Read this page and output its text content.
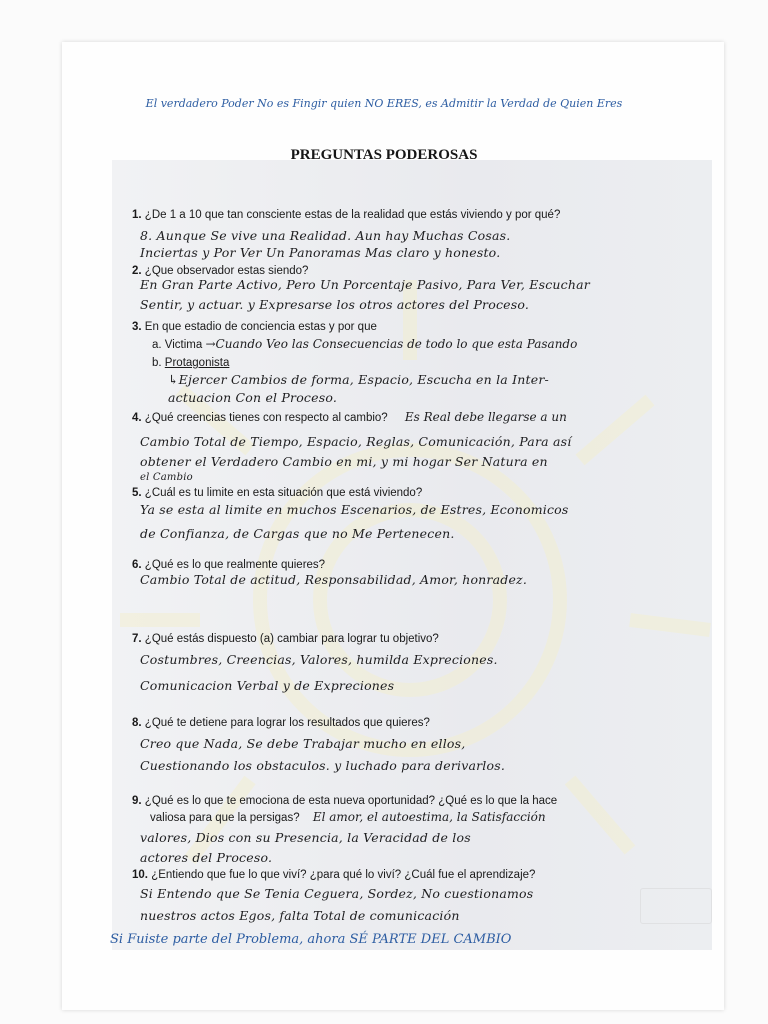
El verdadero Poder No es Fingir quien NO ERES, es Admitir la Verdad de Quien Eres
PREGUNTAS PODEROSAS
1. ¿De 1 a 10 que tan consciente estas de la realidad que estás viviendo y por qué?
8. Aunque Se vive una Realidad. Aun hay Muchas Cosas.
Inciertas y Por Ver Un Panoramas Mas claro y honesto.
2. ¿Que observador estas siendo?
En Gran Parte Activo, Pero Un Porcentaje Pasivo, Para Ver, Escuchar
Sentir, y actuar. y Expresarse los otros actores del Proceso.
3. En que estadio de conciencia estas y por que
a. Victima →Cuando Veo las Consecuencias de todo lo que esta Pasando
b. Protagonista
↳Ejercer Cambios de forma, Espacio, Escucha en la Inter-
actuacion Con el Proceso.
4. ¿Qué creencias tienes con respecto al cambio? Es Real debe llegarse a un
Cambio Total de Tiempo, Espacio, Reglas, Comunicación, Para así
obtener el Verdadero Cambio en mi, y mi hogar Ser Natura en
el Cambio
5. ¿Cuál es tu limite en esta situación que está viviendo?
Ya se esta al limite en muchos Escenarios, de Estres, Economicos
de Confianza, de Cargas que no Me Pertenecen.
6. ¿Qué es lo que realmente quieres?
Cambio Total de actitud, Responsabilidad, Amor, honradez.
7. ¿Qué estás dispuesto (a) cambiar para lograr tu objetivo?
Costumbres, Creencias, Valores, humilda Expreciones.
Comunicacion Verbal y de Expreciones
8. ¿Qué te detiene para lograr los resultados que quieres?
Creo que Nada, Se debe Trabajar mucho en ellos,
Cuestionando los obstaculos. y luchado para derivarlos.
9. ¿Qué es lo que te emociona de esta nueva oportunidad? ¿Qué es lo que la hace
valiosa para que la persigas? El amor, el autoestima, la Satisfacción
valores, Dios con su Presencia, la Veracidad de los
actores del Proceso.
10. ¿Entiendo que fue lo que viví? ¿para qué lo viví? ¿Cuál fue el aprendizaje?
Si Entendo que Se Tenia Ceguera, Sordez, No cuestionamos
nuestros actos Egos, falta Total de comunicación
Si Fuiste parte del Problema, ahora SÉ PARTE DEL CAMBIO
